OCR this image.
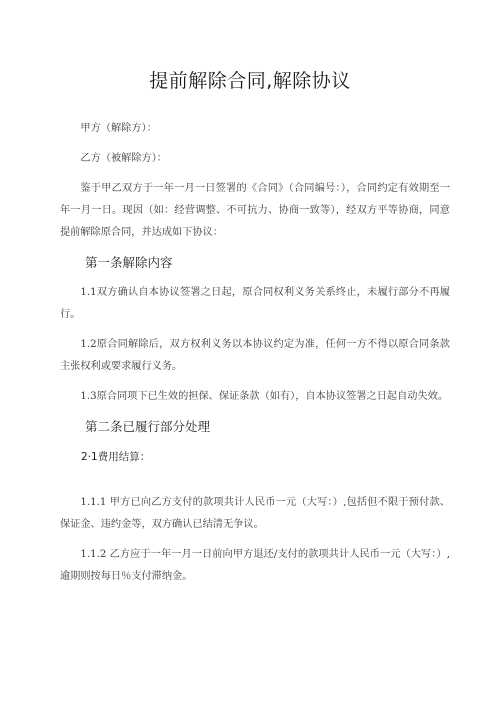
提前解除合同,解除协议

甲方（解除方）：

乙方（被解除方）：

鉴于甲乙双方于一年一月一日签署的《合同》（合同编号：），合同约定有效期至一年一月一日。现因（如：经营调整、不可抗力、协商一致等），经双方平等协商，同意提前解除原合同，并达成如下协议：

第一条解除内容

1.1双方确认自本协议签署之日起，原合同权利义务关系终止，未履行部分不再履行。

1.2原合同解除后，双方权利义务以本协议约定为准，任何一方不得以原合同条款主张权利或要求履行义务。

1.3原合同项下已生效的担保、保证条款（如有），自本协议签署之日起自动失效。

第二条已履行部分处理

2·1费用结算：

1.1.1 甲方已向乙方支付的款项共计人民币一元（大写：）,包括但不限于预付款、保证金、违约金等，双方确认已结清无争议。

1.1.2 乙方应于一年一月一日前向甲方退还/支付的款项共计人民币一元（大写：）,逾期则按每日％支付滞纳金。
